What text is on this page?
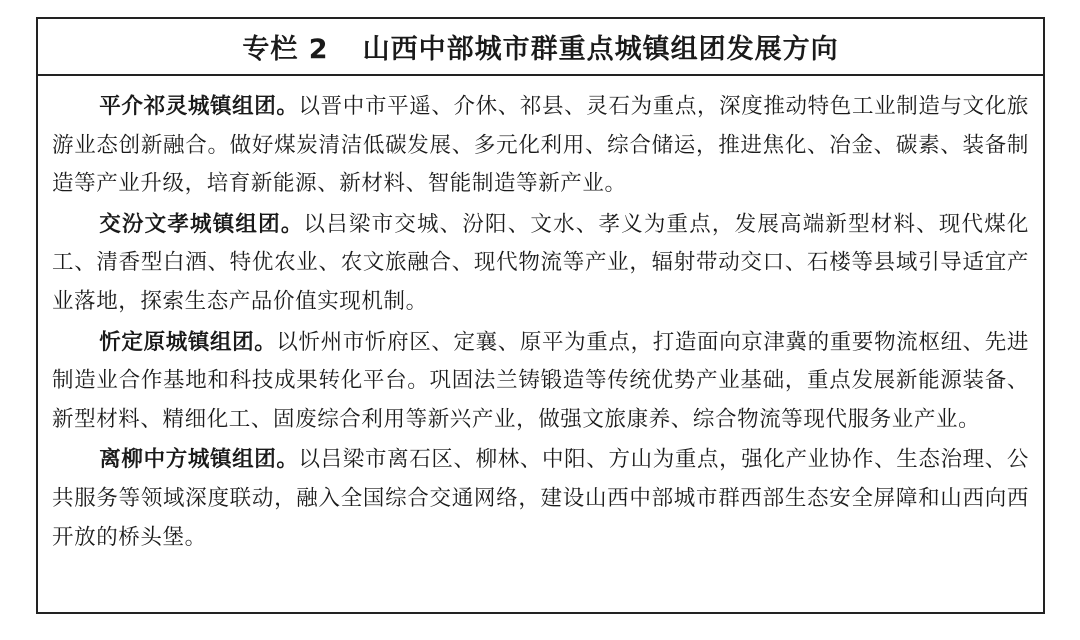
专栏 2 山西中部城市群重点城镇组团发展方向

平介祁灵城镇组团。以晋中市平遥、介休、祁县、灵石为重点，深度推动特色工业制造与文化旅游业态创新融合。做好煤炭清洁低碳发展、多元化利用、综合储运，推进焦化、冶金、碳素、装备制造等产业升级，培育新能源、新材料、智能制造等新产业。

交汾文孝城镇组团。以吕梁市交城、汾阳、文水、孝义为重点，发展高端新型材料、现代煤化工、清香型白酒、特优农业、农文旅融合、现代物流等产业，辐射带动交口、石楼等县域引导适宜产业落地，探索生态产品价值实现机制。

忻定原城镇组团。以忻州市忻府区、定襄、原平为重点，打造面向京津冀的重要物流枢纽、先进制造业合作基地和科技成果转化平台。巩固法兰铸锻造等传统优势产业基础，重点发展新能源装备、新型材料、精细化工、固废综合利用等新兴产业，做强文旅康养、综合物流等现代服务业产业。

离柳中方城镇组团。以吕梁市离石区、柳林、中阳、方山为重点，强化产业协作、生态治理、公共服务等领域深度联动，融入全国综合交通网络，建设山西中部城市群西部生态安全屏障和山西向西开放的桥头堡。
